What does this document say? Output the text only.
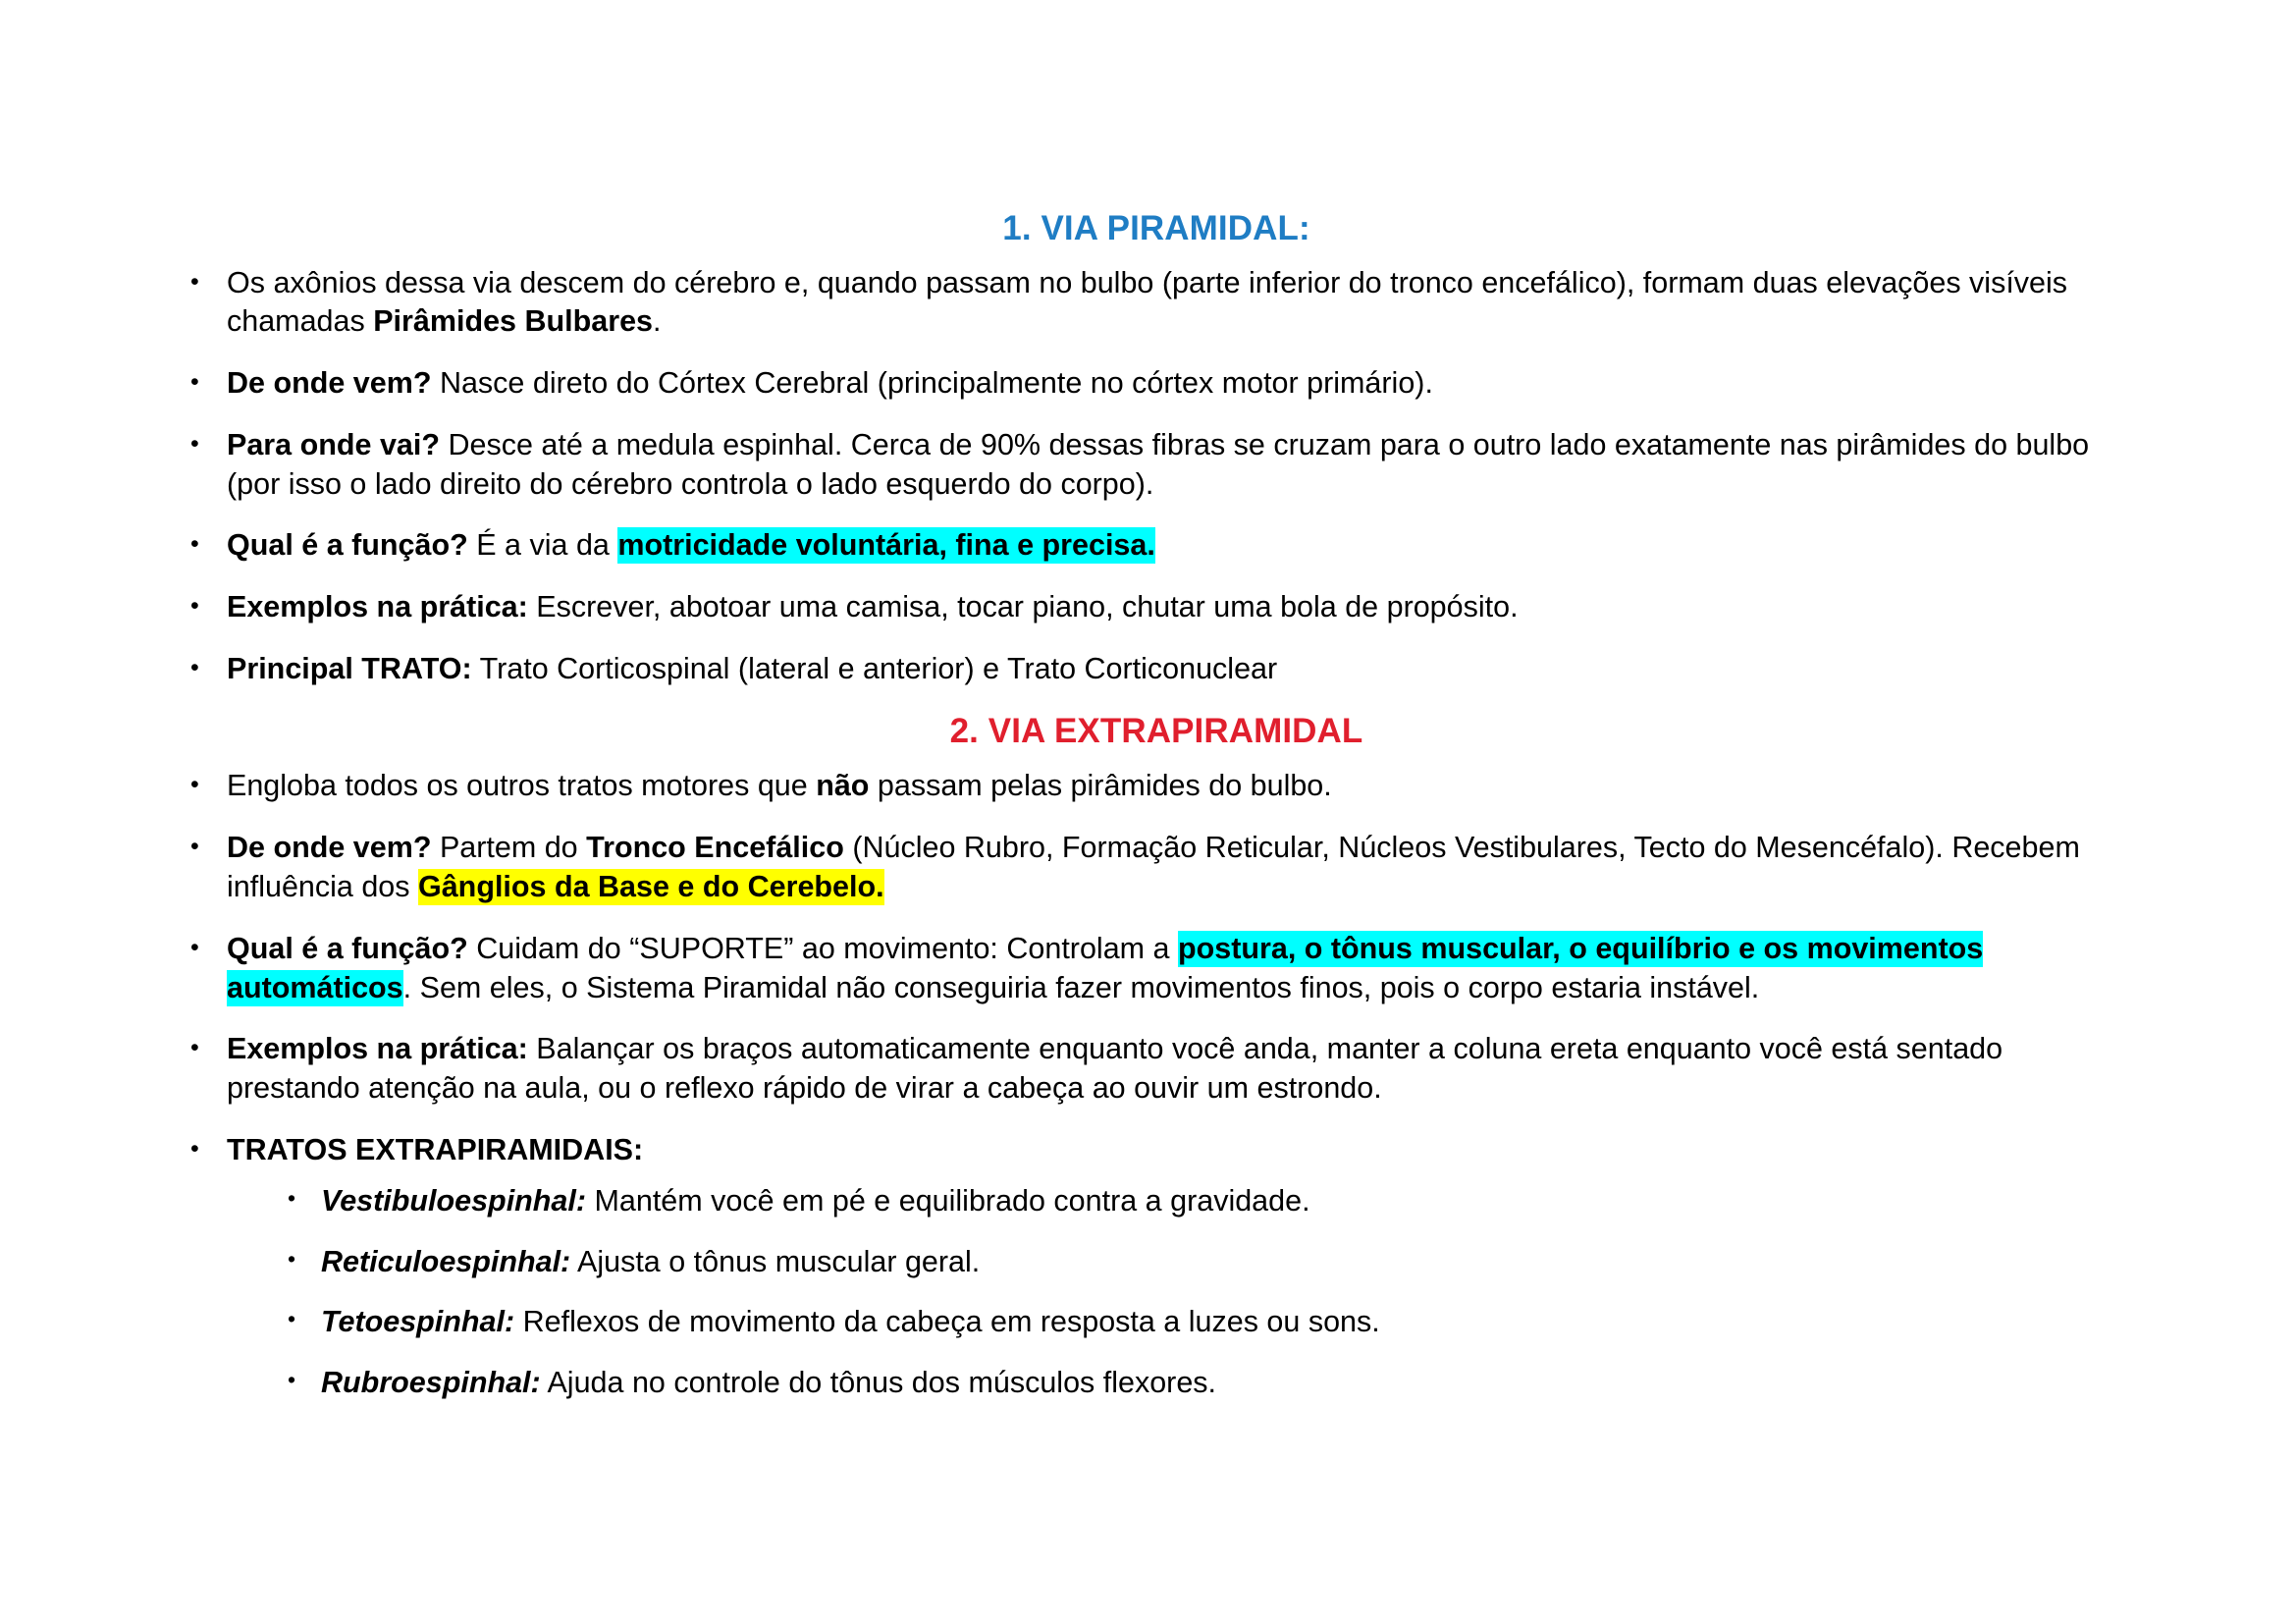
1. VIA PIRAMIDAL:
• Os axônios dessa via descem do cérebro e, quando passam no bulbo (parte inferior do tronco encefálico), formam duas elevações visíveis chamadas Pirâmides Bulbares.
• De onde vem? Nasce direto do Córtex Cerebral (principalmente no córtex motor primário).
• Para onde vai? Desce até a medula espinhal. Cerca de 90% dessas fibras se cruzam para o outro lado exatamente nas pirâmides do bulbo (por isso o lado direito do cérebro controla o lado esquerdo do corpo).
• Qual é a função? É a via da motricidade voluntária, fina e precisa.
• Exemplos na prática: Escrever, abotoar uma camisa, tocar piano, chutar uma bola de propósito.
• Principal TRATO: Trato Corticospinal (lateral e anterior) e Trato Corticonuclear
2. VIA EXTRAPIRAMIDAL
• Engloba todos os outros tratos motores que não passam pelas pirâmides do bulbo.
• De onde vem? Partem do Tronco Encefálico (Núcleo Rubro, Formação Reticular, Núcleos Vestibulares, Tecto do Mesencéfalo). Recebem influência dos Gânglios da Base e do Cerebelo.
• Qual é a função? Cuidam do “SUPORTE” ao movimento: Controlam a postura, o tônus muscular, o equilíbrio e os movimentos automáticos. Sem eles, o Sistema Piramidal não conseguiria fazer movimentos finos, pois o corpo estaria instável.
• Exemplos na prática: Balançar os braços automaticamente enquanto você anda, manter a coluna ereta enquanto você está sentado prestando atenção na aula, ou o reflexo rápido de virar a cabeça ao ouvir um estrondo.
• TRATOS EXTRAPIRAMIDAIS:
• Vestibuloespinhal: Mantém você em pé e equilibrado contra a gravidade.
• Reticuloespinhal: Ajusta o tônus muscular geral.
• Tetoespinhal: Reflexos de movimento da cabeça em resposta a luzes ou sons.
• Rubroespinhal: Ajuda no controle do tônus dos músculos flexores.
